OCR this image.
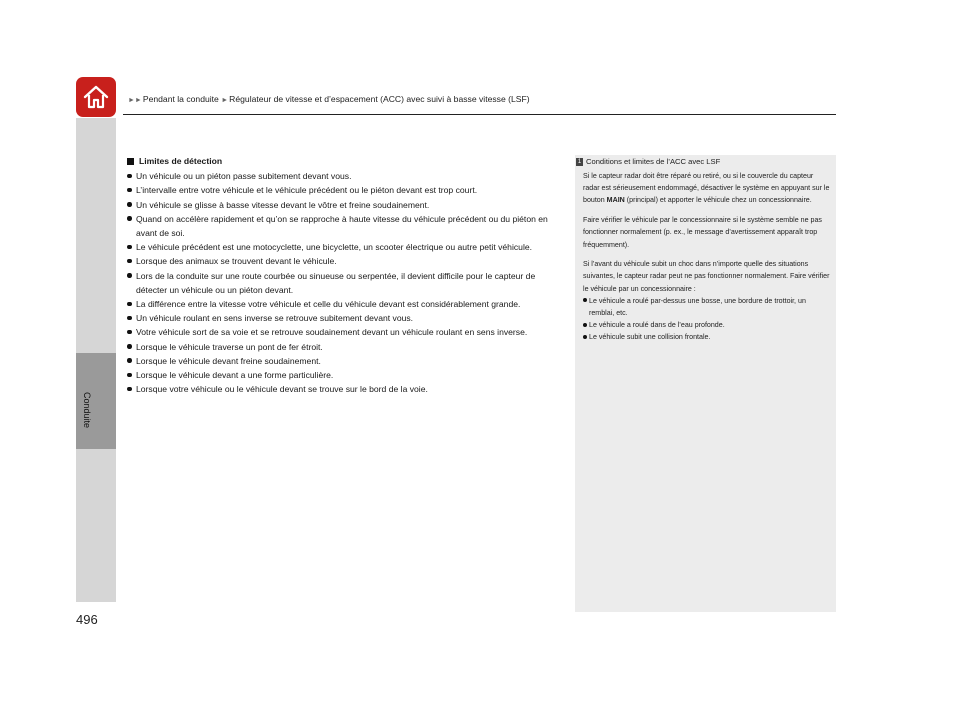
►►Pendant la conduite ►Régulateur de vitesse et d’espacement (ACC) avec suivi à basse vitesse (LSF)
Conduite
496
Limites de détection
Un véhicule ou un piéton passe subitement devant vous.
L’intervalle entre votre véhicule et le véhicule précédent ou le piéton devant est trop court.
Un véhicule se glisse à basse vitesse devant le vôtre et freine soudainement.
Quand on accélère rapidement et qu’on se rapproche à haute vitesse du véhicule précédent ou du piéton en avant de soi.
Le véhicule précédent est une motocyclette, une bicyclette, un scooter électrique ou autre petit véhicule.
Lorsque des animaux se trouvent devant le véhicule.
Lors de la conduite sur une route courbée ou sinueuse ou serpentée, il devient difficile pour le capteur de détecter un véhicule ou un piéton devant.
La différence entre la vitesse votre véhicule et celle du véhicule devant est considérablement grande.
Un véhicule roulant en sens inverse se retrouve subitement devant vous.
Votre véhicule sort de sa voie et se retrouve soudainement devant un véhicule roulant en sens inverse.
Lorsque le véhicule traverse un pont de fer étroit.
Lorsque le véhicule devant freine soudainement.
Lorsque le véhicule devant a une forme particulière.
Lorsque votre véhicule ou le véhicule devant se trouve sur le bord de la voie.
1 Conditions et limites de l’ACC avec LSF

Si le capteur radar doit être réparé ou retiré, ou si le couvercle du capteur radar est sérieusement endommagé, désactiver le système en appuyant sur le bouton MAIN (principal) et apporter le véhicule chez un concessionnaire.

Faire vérifier le véhicule par le concessionnaire si le système semble ne pas fonctionner normalement (p. ex., le message d’avertissement apparaît trop fréquemment).

Si l’avant du véhicule subit un choc dans n’importe quelle des situations suivantes, le capteur radar peut ne pas fonctionner normalement. Faire vérifier le véhicule par un concessionnaire :

Le véhicule a roulé par-dessus une bosse, une bordure de trottoir, un remblai, etc.
Le véhicule a roulé dans de l’eau profonde.
Le véhicule subit une collision frontale.
